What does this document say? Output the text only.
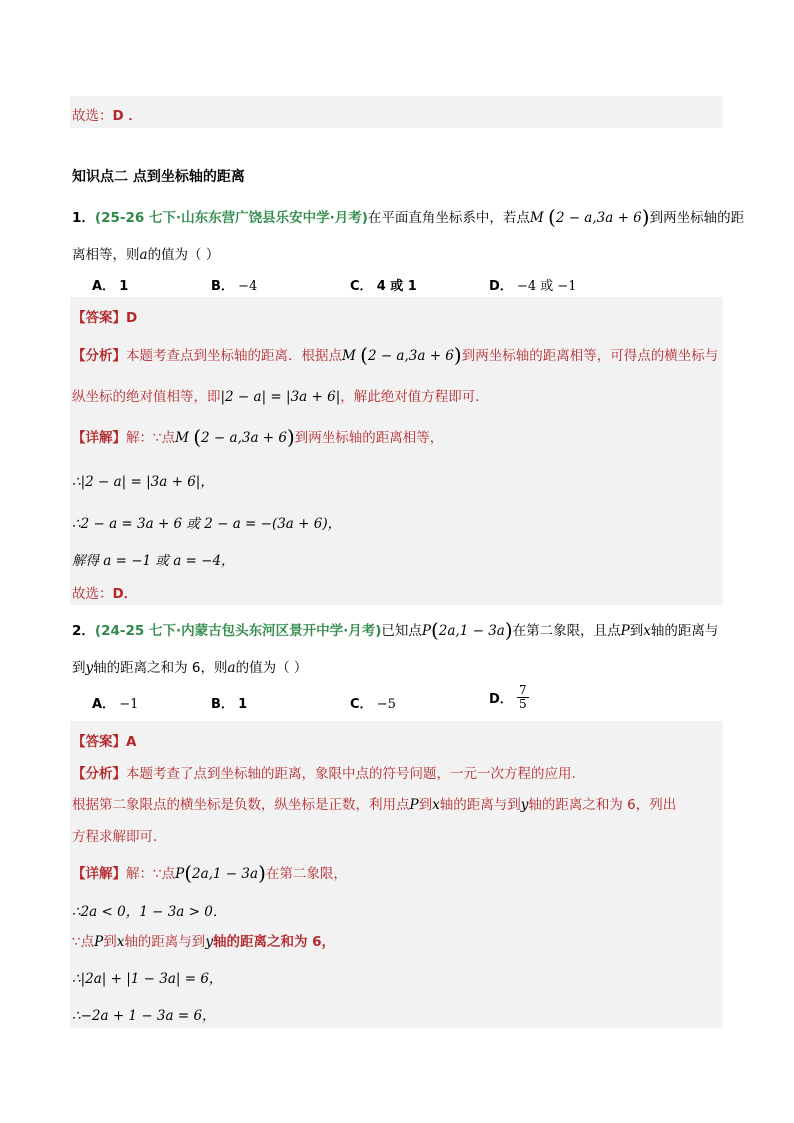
故选：D ．
知识点二 点到坐标轴的距离
1．(25-26 七下·山东东营广饶县乐安中学·月考)在平面直角坐标系中，若点M (2 − a,3a + 6)到两坐标轴的距
离相等，则a的值为（ ）
A． 1	B． −4	C． 4 或 1	D． −4 或 −1
【答案】D
【分析】本题考查点到坐标轴的距离．根据点M (2 − a,3a + 6)到两坐标轴的距离相等，可得点的横坐标与
纵坐标的绝对值相等，即|2 − a| = |3a + 6|，解此绝对值方程即可．
【详解】解：∵点M (2 − a,3a + 6)到两坐标轴的距离相等，
∴|2 − a| = |3a + 6|，
∴2 − a = 3a + 6 或 2 − a = −(3a + 6)，
解得 a = −1 或 a = −4，
故选：D．
2．(24-25 七下·内蒙古包头东河区景开中学·月考)已知点P(2a,1 − 3a)在第二象限，且点P到x轴的距离与
到y轴的距离之和为 6，则a的值为（ ）
A． −1	B． 1	C． −5	D． $\frac{7}{5}$
【答案】A
【分析】本题考查了点到坐标轴的距离，象限中点的符号问题，一元一次方程的应用．
根据第二象限点的横坐标是负数，纵坐标是正数，利用点P到x轴的距离与到y轴的距离之和为 6，列出
方程求解即可．
【详解】解：∵点P(2a,1 − 3a)在第二象限，
∴2a < 0，1 − 3a > 0．
∵点P到x轴的距离与到y轴的距离之和为 6，
∴|2a| + |1 − 3a| = 6，
∴−2a + 1 − 3a = 6，
